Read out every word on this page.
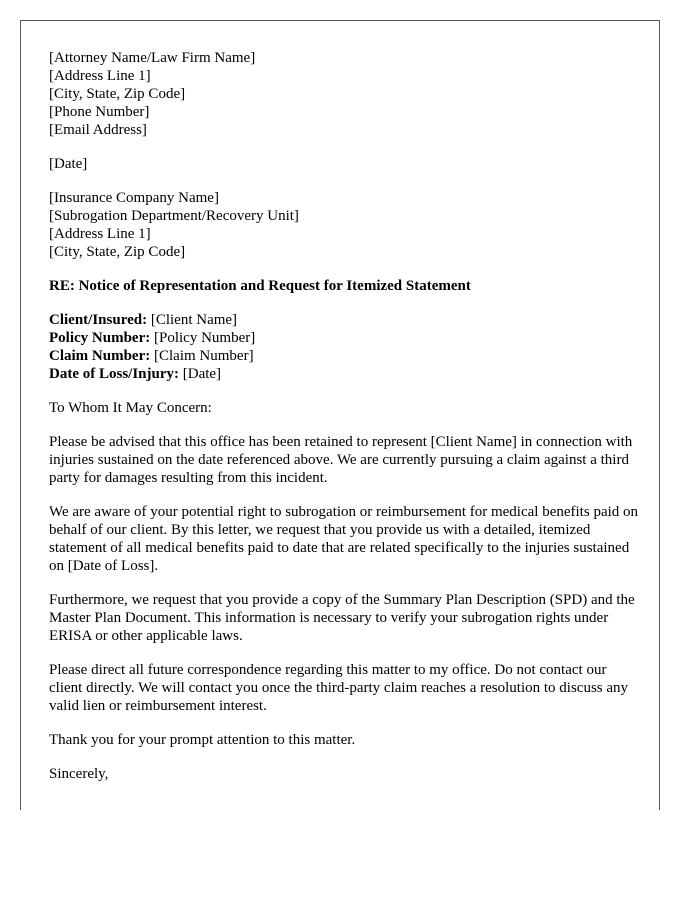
[Attorney Name/Law Firm Name]
[Address Line 1]
[City, State, Zip Code]
[Phone Number]
[Email Address]
[Date]
[Insurance Company Name]
[Subrogation Department/Recovery Unit]
[Address Line 1]
[City, State, Zip Code]
RE: Notice of Representation and Request for Itemized Statement
Client/Insured: [Client Name]
Policy Number: [Policy Number]
Claim Number: [Claim Number]
Date of Loss/Injury: [Date]

To Whom It May Concern:

Please be advised that this office has been retained to represent [Client Name] in connection with injuries sustained on the date referenced above. We are currently pursuing a claim against a third party for damages resulting from this incident.

We are aware of your potential right to subrogation or reimbursement for medical benefits paid on behalf of our client. By this letter, we request that you provide us with a detailed, itemized statement of all medical benefits paid to date that are related specifically to the injuries sustained on [Date of Loss].

Furthermore, we request that you provide a copy of the Summary Plan Description (SPD) and the Master Plan Document. This information is necessary to verify your subrogation rights under ERISA or other applicable laws.

Please direct all future correspondence regarding this matter to my office. Do not contact our client directly. We will contact you once the third-party claim reaches a resolution to discuss any valid lien or reimbursement interest.

Thank you for your prompt attention to this matter.

Sincerely,
